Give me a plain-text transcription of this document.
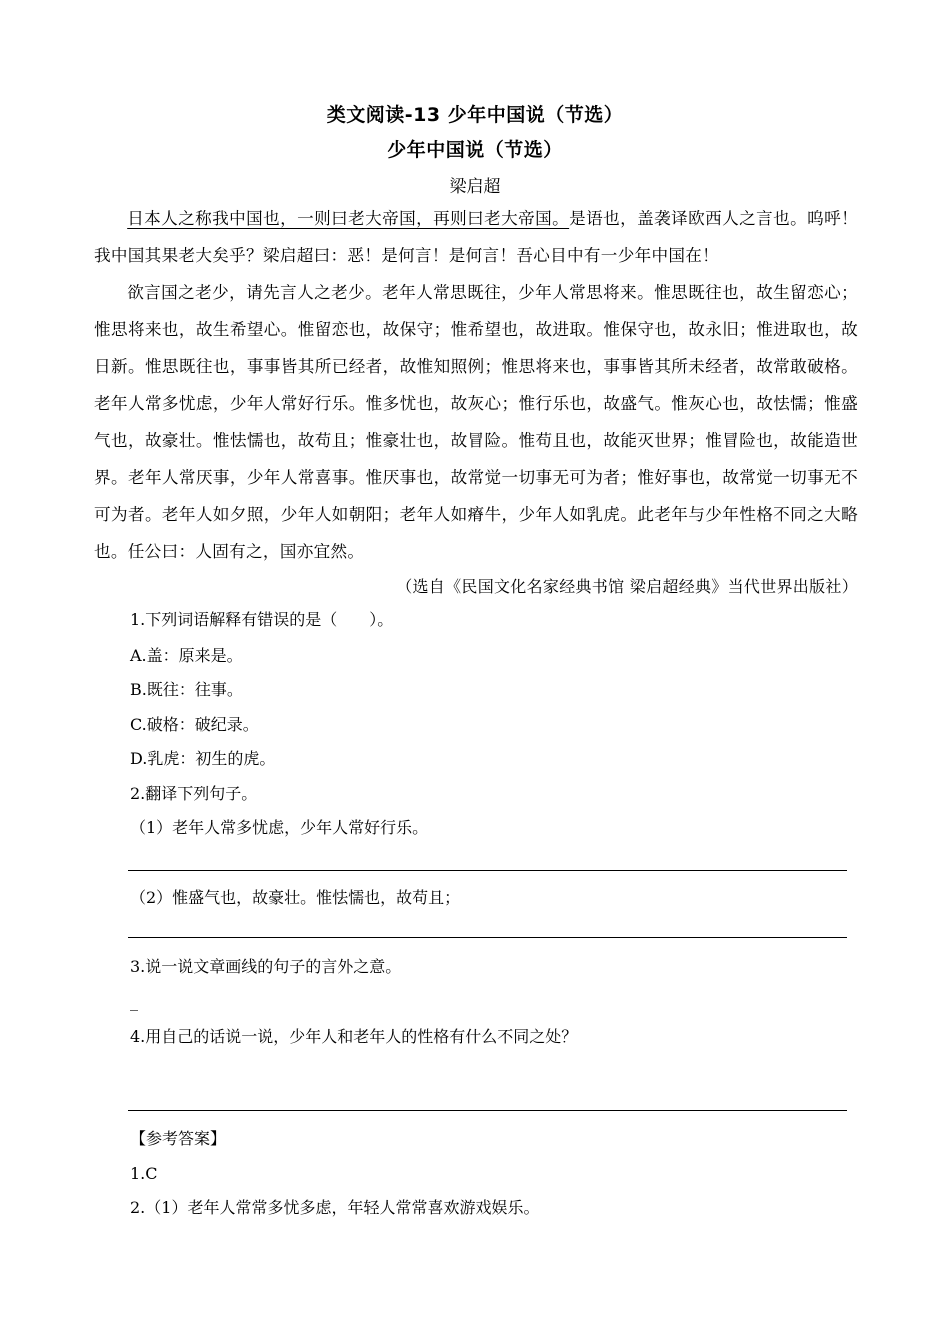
类文阅读-13 少年中国说（节选）
少年中国说（节选）
梁启超
日本人之称我中国也，一则曰老大帝国，再则曰老大帝国。是语也，盖袭译欧西人之言也。呜呼！我中国其果老大矣乎？梁启超曰：恶！是何言！是何言！吾心目中有一少年中国在！
欲言国之老少，请先言人之老少。老年人常思既往，少年人常思将来。惟思既往也，故生留恋心；惟思将来也，故生希望心。惟留恋也，故保守；惟希望也，故进取。惟保守也，故永旧；惟进取也，故日新。惟思既往也，事事皆其所已经者，故惟知照例；惟思将来也，事事皆其所未经者，故常敢破格。老年人常多忧虑，少年人常好行乐。惟多忧也，故灰心；惟行乐也，故盛气。惟灰心也，故怯懦；惟盛气也，故豪壮。惟怯懦也，故苟且；惟豪壮也，故冒险。惟苟且也，故能灭世界；惟冒险也，故能造世界。老年人常厌事，少年人常喜事。惟厌事也，故常觉一切事无可为者；惟好事也，故常觉一切事无不可为者。老年人如夕照，少年人如朝阳；老年人如瘠牛，少年人如乳虎。此老年与少年性格不同之大略也。任公曰：人固有之，国亦宜然。
（选自《民国文化名家经典书馆 梁启超经典》当代世界出版社）
1.下列词语解释有错误的是（　　）。
A.盖：原来是。
B.既往：往事。
C.破格：破纪录。
D.乳虎：初生的虎。
2.翻译下列句子。
（1）老年人常多忧虑，少年人常好行乐。
（2）惟盛气也，故豪壮。惟怯懦也，故苟且；
3.说一说文章画线的句子的言外之意。
_
4.用自己的话说一说，少年人和老年人的性格有什么不同之处？
【参考答案】
1.C
2.（1）老年人常常多忧多虑，年轻人常常喜欢游戏娱乐。
